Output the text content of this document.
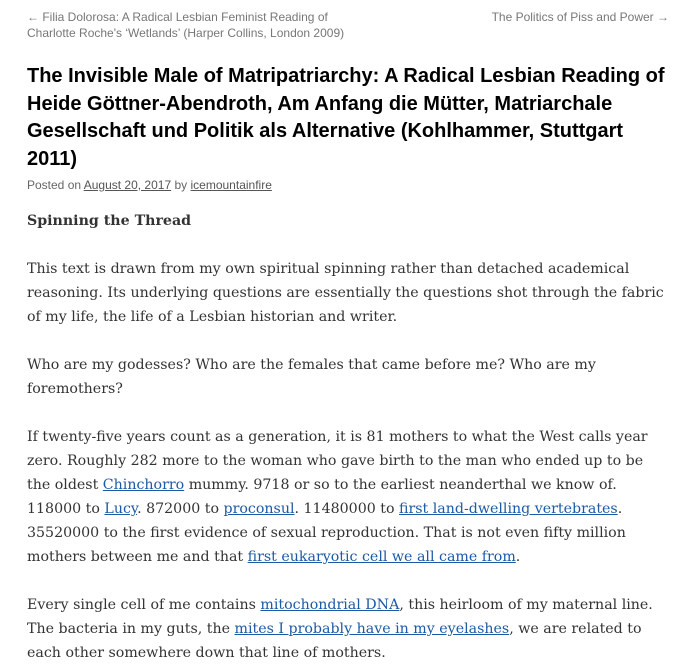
← Filia Dolorosa: A Radical Lesbian Feminist Reading of Charlotte Roche's ‘Wetlands’ (Harper Collins, London 2009)
The Politics of Piss and Power →
The Invisible Male of Matripatriarchy: A Radical Lesbian Reading of Heide Göttner-Abendroth, Am Anfang die Mütter, Matriarchale Gesellschaft und Politik als Alternative (Kohlhammer, Stuttgart 2011)
Posted on August 20, 2017 by icemountainfire
Spinning the Thread

This text is drawn from my own spiritual spinning rather than detached academical reasoning. Its underlying questions are essentially the questions shot through the fabric of my life, the life of a Lesbian historian and writer.

Who are my godesses? Who are the females that came before me? Who are my foremothers?

If twenty-five years count as a generation, it is 81 mothers to what the West calls year zero. Roughly 282 more to the woman who gave birth to the man who ended up to be the oldest Chinchorro mummy. 9718 or so to the earliest neanderthal we know of. 118000 to Lucy. 872000 to proconsul. 11480000 to first land-dwelling vertebrates. 35520000 to the first evidence of sexual reproduction. That is not even fifty million mothers between me and that first eukaryotic cell we all came from.

Every single cell of me contains mitochondrial DNA, this heirloom of my maternal line. The bacteria in my guts, the mites I probably have in my eyelashes, we are related to each other somewhere down that line of mothers.
